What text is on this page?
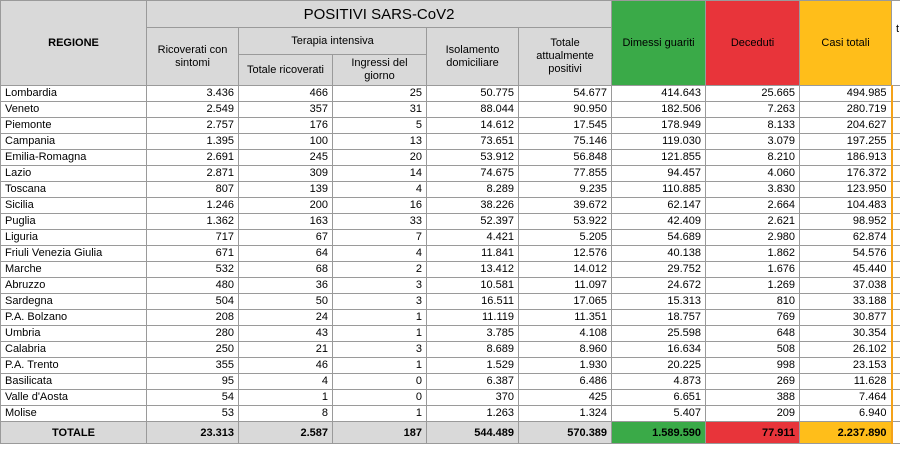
REGIONE	POSITIVI SARS-CoV2					Dimessi guariti	Deceduti	Casi totali	t
	Ricoverati con sintomi	Terapia intensiva		Isolamento domiciliare	Totale attualmente positivi				
		Totale ricoverati	Ingressi del giorno						
Lombardia	3.436	466	25	50.775	54.677	414.643	25.665	494.985	
Veneto	2.549	357	31	88.044	90.950	182.506	7.263	280.719	
Piemonte	2.757	176	5	14.612	17.545	178.949	8.133	204.627	
Campania	1.395	100	13	73.651	75.146	119.030	3.079	197.255	
Emilia-Romagna	2.691	245	20	53.912	56.848	121.855	8.210	186.913	
Lazio	2.871	309	14	74.675	77.855	94.457	4.060	176.372	
Toscana	807	139	4	8.289	9.235	110.885	3.830	123.950	
Sicilia	1.246	200	16	38.226	39.672	62.147	2.664	104.483	
Puglia	1.362	163	33	52.397	53.922	42.409	2.621	98.952	
Liguria	717	67	7	4.421	5.205	54.689	2.980	62.874	
Friuli Venezia Giulia	671	64	4	11.841	12.576	40.138	1.862	54.576	
Marche	532	68	2	13.412	14.012	29.752	1.676	45.440	
Abruzzo	480	36	3	10.581	11.097	24.672	1.269	37.038	
Sardegna	504	50	3	16.511	17.065	15.313	810	33.188	
P.A. Bolzano	208	24	1	11.119	11.351	18.757	769	30.877	
Umbria	280	43	1	3.785	4.108	25.598	648	30.354	
Calabria	250	21	3	8.689	8.960	16.634	508	26.102	
P.A. Trento	355	46	1	1.529	1.930	20.225	998	23.153	
Basilicata	95	4	0	6.387	6.486	4.873	269	11.628	
Valle d'Aosta	54	1	0	370	425	6.651	388	7.464	
Molise	53	8	1	1.263	1.324	5.407	209	6.940	
TOTALE	23.313	2.587	187	544.489	570.389	1.589.590	77.911	2.237.890	
